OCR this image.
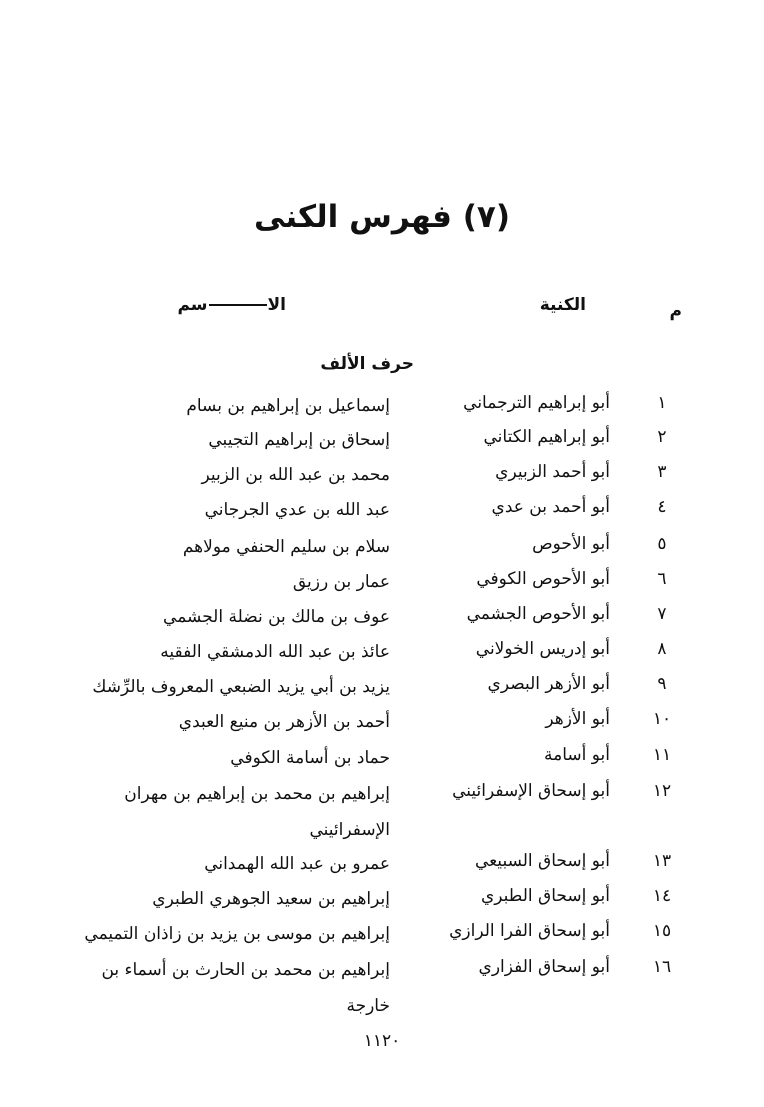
(٧) فهرس الكنى
م
الكنية
الاسم
حرف الألف
١
أبو إبراهيم الترجماني
إسماعيل بن إبراهيم بن بسام
٢
أبو إبراهيم الكتاني
إسحاق بن إبراهيم التجيبي
٣
أبو أحمد الزبيري
محمد بن عبد الله بن الزبير
٤
أبو أحمد بن عدي
عبد الله بن عدي الجرجاني
٥
أبو الأحوص
سلام بن سليم الحنفي مولاهم
٦
أبو الأحوص الكوفي
عمار بن رزيق
٧
أبو الأحوص الجشمي
عوف بن مالك بن نضلة الجشمي
٨
أبو إدريس الخولاني
عائذ بن عبد الله الدمشقي الفقيه
٩
أبو الأزهر البصري
يزيد بن أبي يزيد الضبعي المعروف بالرِّشك
١٠
أبو الأزهر
أحمد بن الأزهر بن منيع العبدي
١١
أبو أسامة
حماد بن أسامة الكوفي
١٢
أبو إسحاق الإسفرائيني
إبراهيم بن محمد بن إبراهيم بن مهران الإسفرائيني
١٣
أبو إسحاق السبيعي
عمرو بن عبد الله الهمداني
١٤
أبو إسحاق الطبري
إبراهيم بن سعيد الجوهري الطبري
١٥
أبو إسحاق الفرا الرازي
إبراهيم بن موسى بن يزيد بن زاذان التميمي
١٦
أبو إسحاق الفزاري
إبراهيم بن محمد بن الحارث بن أسماء بن خارجة
١١٢٠
